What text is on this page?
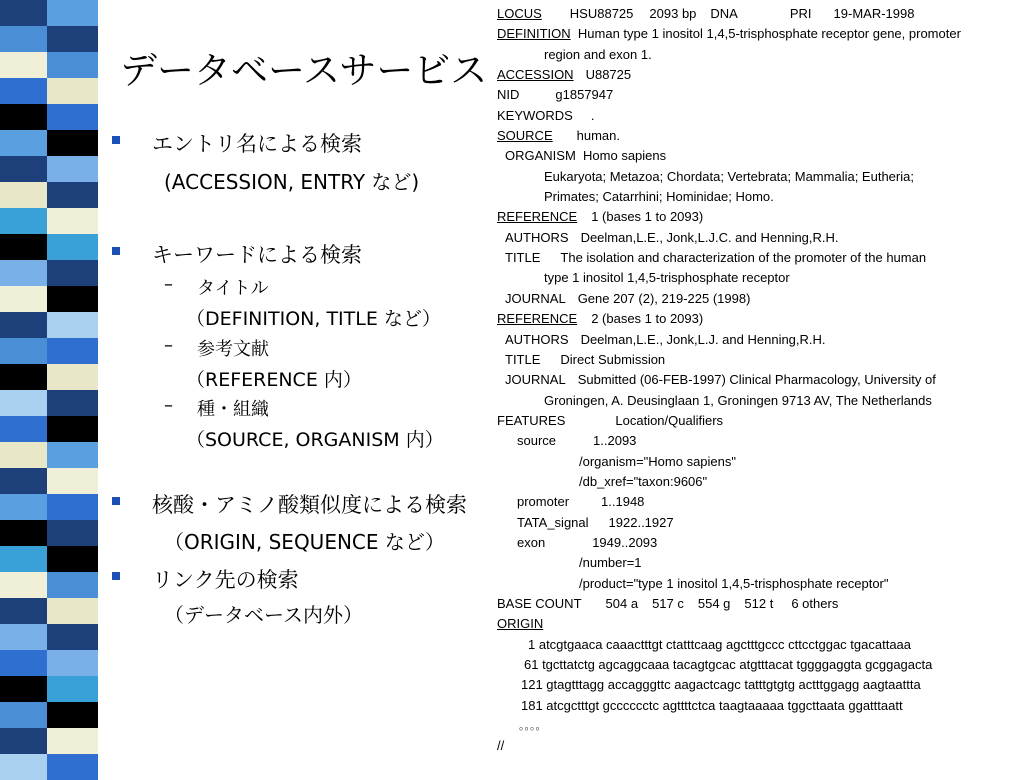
データベースサービス
エントリ名による検索
(ACCESSION, ENTRY など)
キーワードによる検索
– タイトル
（DEFINITION, TITLE など）
– 参考文献
（REFERENCE 内）
– 種・組織
（SOURCE, ORGANISM 内）
核酸・アミノ酸類似度による検索
（ORIGIN, SEQUENCE など）
リンク先の検索
（データベース内外）
LOCUS HSU88725 2093 bp DNA	PRI 19-MAR-1998
DEFINITION Human type 1 inositol 1,4,5-trisphosphate receptor gene, promoter
region and exon 1.
ACCESSION U88725
NID	g1857947
KEYWORDS .
SOURCE human.
ORGANISM Homo sapiens
Eukaryota; Metazoa; Chordata; Vertebrata; Mammalia; Eutheria;
Primates; Catarrhini; Hominidae; Homo.
REFERENCE 1 (bases 1 to 2093)
AUTHORS Deelman,L.E., Jonk,L.J.C. and Henning,R.H.
TITLE The isolation and characterization of the promoter of the human
type 1 inositol 1,4,5-trisphosphate receptor
JOURNAL Gene 207 (2), 219-225 (1998)
REFERENCE 2 (bases 1 to 2093)
AUTHORS Deelman,L.E., Jonk,L.J. and Henning,R.H.
TITLE Direct Submission
JOURNAL Submitted (06-FEB-1997) Clinical Pharmacology, University of
Groningen, A. Deusinglaan 1, Groningen 9713 AV, The Netherlands
FEATURES	Location/Qualifiers
source	1..2093
/organism="Homo sapiens"
/db_xref="taxon:9606"
promoter 1..1948
TATA_signal 1922..1927
exon	1949..2093
/number=1
/product="type 1 inositol 1,4,5-trisphosphate receptor"
BASE COUNT 504 a 517 c 554 g 512 t 6 others
ORIGIN
1 atcgtgaaca caaactttgt ctatttcaag agctttgccc cttcctggac tgacattaaa
61 tgcttatctg agcaggcaaa tacagtgcac atgtttacat tggggaggta gcggagacta
121 gtagtttagg accagggttc aagactcagc tatttgtgtg actttggagg aagtaattta
181 atcgctttgt gcccccctc agttttctca taagtaaaaa tggcttaata ggatttaatt
。。。。
//
